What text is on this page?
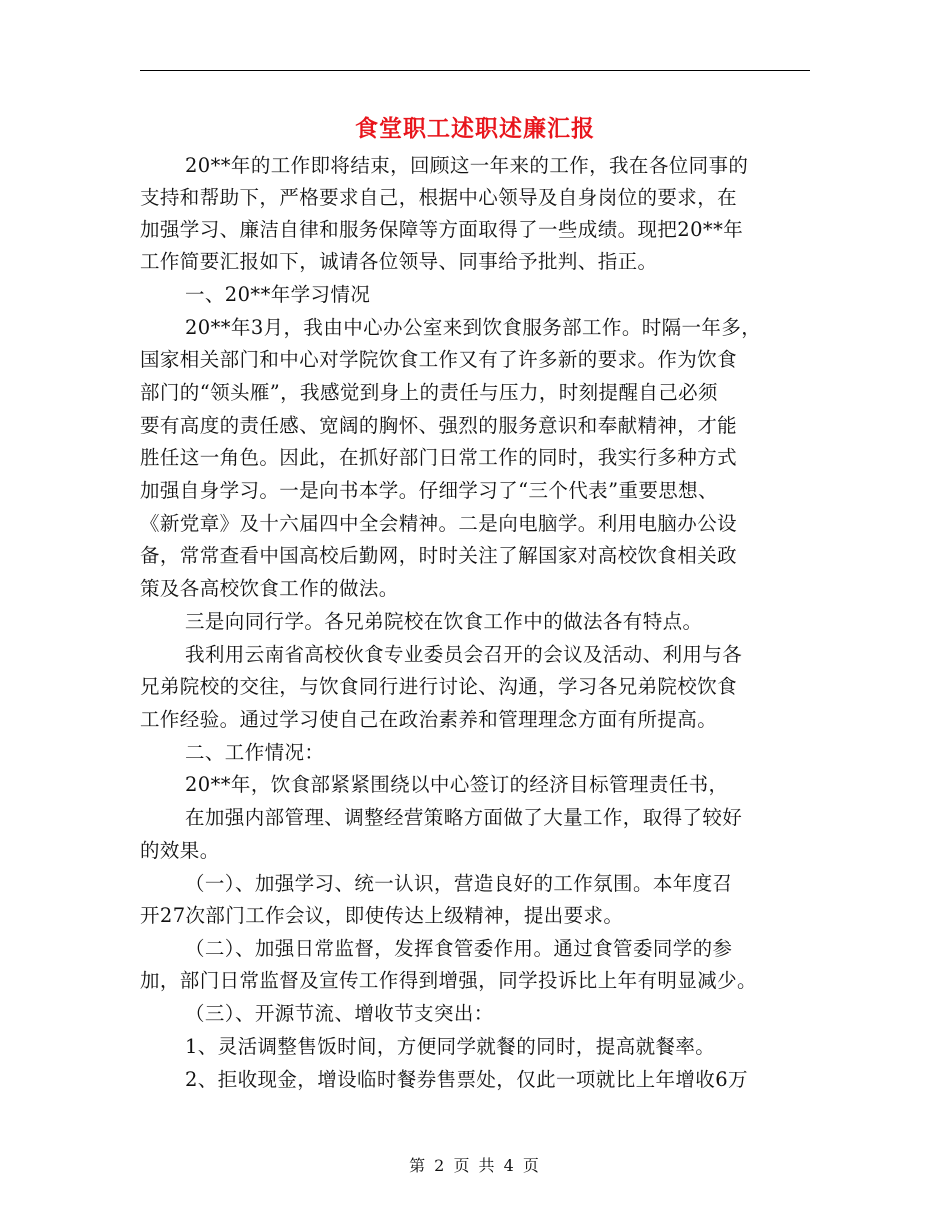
食堂职工述职述廉汇报
20**年的工作即将结束，回顾这一年来的工作，我在各位同事的
支持和帮助下，严格要求自己，根据中心领导及自身岗位的要求，在
加强学习、廉洁自律和服务保障等方面取得了一些成绩。现把20**年
工作简要汇报如下，诚请各位领导、同事给予批判、指正。
一、20**年学习情况
20**年3月，我由中心办公室来到饮食服务部工作。时隔一年多，
国家相关部门和中心对学院饮食工作又有了许多新的要求。作为饮食
部门的“领头雁”，我感觉到身上的责任与压力，时刻提醒自己必须
要有高度的责任感、宽阔的胸怀、强烈的服务意识和奉献精神，才能
胜任这一角色。因此，在抓好部门日常工作的同时，我实行多种方式
加强自身学习。一是向书本学。仔细学习了“三个代表”重要思想、
《新党章》及十六届四中全会精神。二是向电脑学。利用电脑办公设
备，常常查看中国高校后勤网，时时关注了解国家对高校饮食相关政
策及各高校饮食工作的做法。
三是向同行学。各兄弟院校在饮食工作中的做法各有特点。
我利用云南省高校伙食专业委员会召开的会议及活动、利用与各
兄弟院校的交往，与饮食同行进行讨论、沟通，学习各兄弟院校饮食
工作经验。通过学习使自己在政治素养和管理理念方面有所提高。
二、工作情况：
20**年，饮食部紧紧围绕以中心签订的经济目标管理责任书，
在加强内部管理、调整经营策略方面做了大量工作，取得了较好
的效果。
（一）、加强学习、统一认识，营造良好的工作氛围。本年度召
开27次部门工作会议，即使传达上级精神，提出要求。
（二）、加强日常监督，发挥食管委作用。通过食管委同学的参
加，部门日常监督及宣传工作得到增强，同学投诉比上年有明显减少。
（三）、开源节流、增收节支突出：
1、灵活调整售饭时间，方便同学就餐的同时，提高就餐率。
2、拒收现金，增设临时餐券售票处，仅此一项就比上年增收6万
第 2 页 共 4 页
